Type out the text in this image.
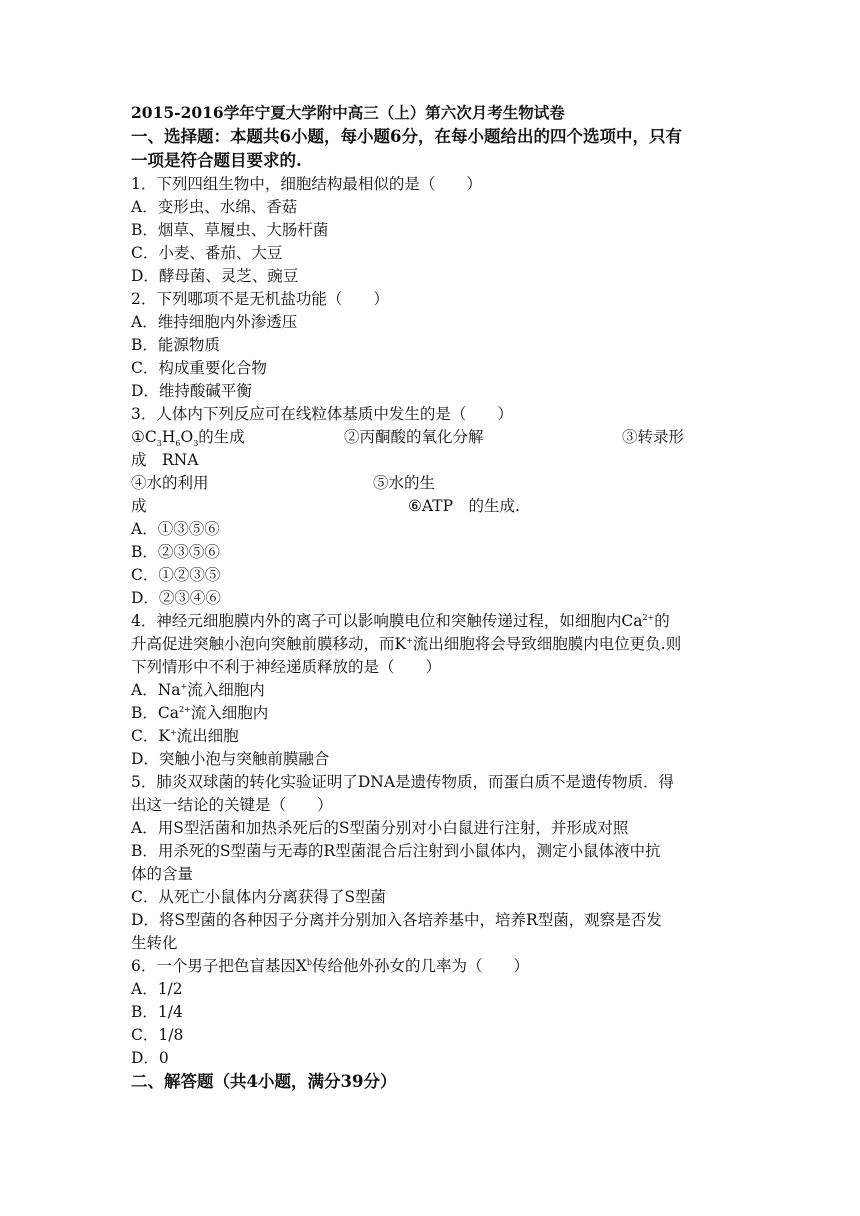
2015-2016学年宁夏大学附中高三（上）第六次月考生物试卷
一、选择题：本题共6小题，每小题6分，在每小题给出的四个选项中，只有
一项是符合题目要求的.
1．下列四组生物中，细胞结构最相似的是（　　）
A．变形虫、水绵、香菇
B．烟草、草履虫、大肠杆菌
C．小麦、番茄、大豆
D．酵母菌、灵芝、豌豆
2．下列哪项不是无机盐功能（　　）
A．维持细胞内外渗透压
B．能源物质
C．构成重要化合物
D．维持酸碱平衡
3．人体内下列反应可在线粒体基质中发生的是（　　）
$①C_3H_6O_3$的生成	②丙酮酸的氧化分解	③转录形
成　RNA
④水的利用	⑤水的生
成	⑥ATP　的生成.
A．①③⑤⑥
B．②③⑤⑥
C．①②③⑤
D．②③④⑥
4．神经元细胞膜内外的离子可以影响膜电位和突触传递过程，如细胞内$Ca^{2+}$的
升高促进突触小泡向突触前膜移动，而K+流出细胞将会导致细胞膜内电位更负.则
下列情形中不利于神经递质释放的是（　　）
A．Na+流入细胞内
B．$Ca^{2+}$流入细胞内
C．K+流出细胞
D．突触小泡与突触前膜融合
5．肺炎双球菌的转化实验证明了DNA是遗传物质，而蛋白质不是遗传物质．得
出这一结论的关键是（　　）
A．用S型活菌和加热杀死后的S型菌分别对小白鼠进行注射，并形成对照
B．用杀死的S型菌与无毒的R型菌混合后注射到小鼠体内，测定小鼠体液中抗
体的含量
C．从死亡小鼠体内分离获得了S型菌
D．将S型菌的各种因子分离并分别加入各培养基中，培养R型菌，观察是否发
生转化
6．一个男子把色盲基因$X^b$传给他外孙女的几率为（　　）
A．1/2
B．1/4
C．1/8
D．0
二、解答题（共4小题，满分39分）
